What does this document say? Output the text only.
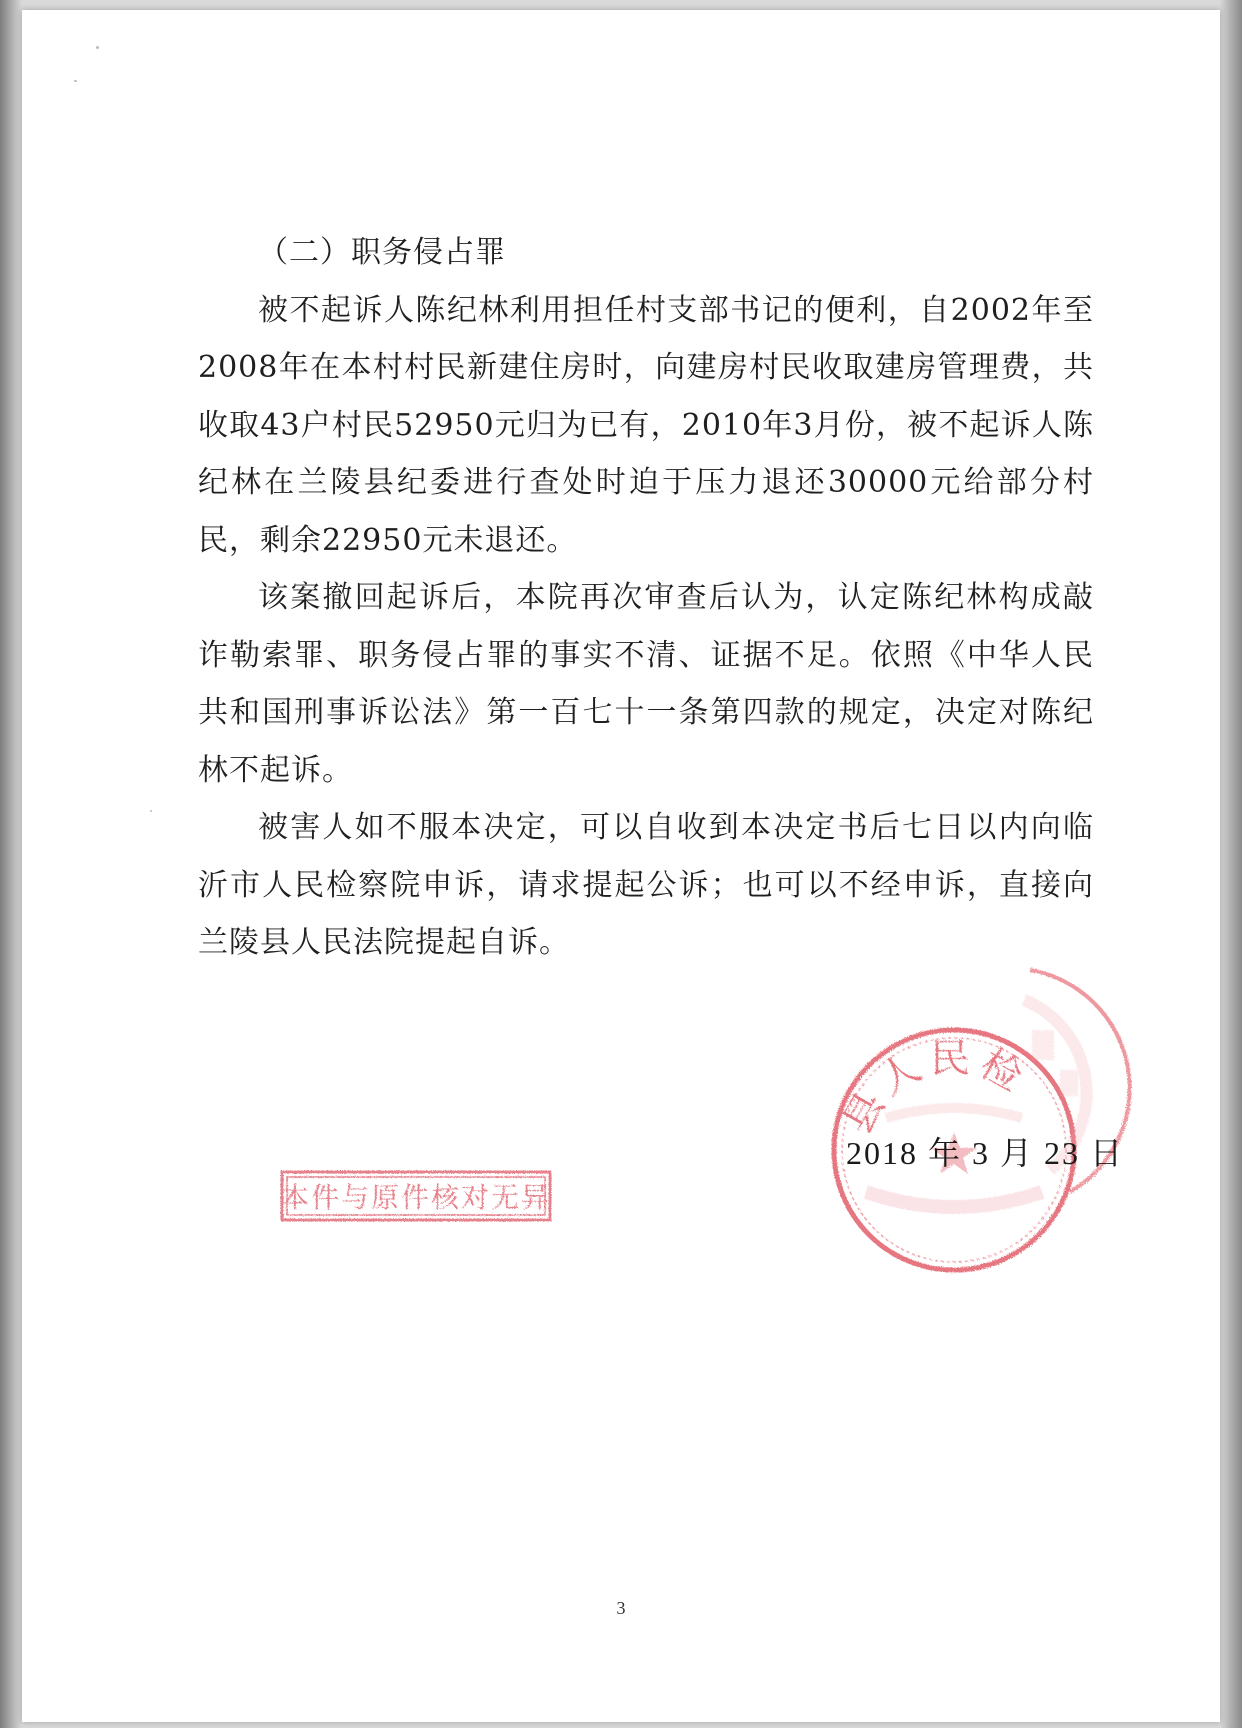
（二）职务侵占罪

被不起诉人陈纪林利用担任村支部书记的便利，自2002年至2008年在本村村民新建住房时，向建房村民收取建房管理费，共收取43户村民52950元归为已有，2010年3月份，被不起诉人陈纪林在兰陵县纪委进行查处时迫于压力退还30000元给部分村民，剩余22950元未退还。

该案撤回起诉后，本院再次审查后认为，认定陈纪林构成敲诈勒索罪、职务侵占罪的事实不清、证据不足。依照《中华人民共和国刑事诉讼法》第一百七十一条第四款的规定，决定对陈纪林不起诉。

被害人如不服本决定，可以自收到本决定书后七日以内向临沂市人民检察院申诉，请求提起公诉；也可以不经申诉，直接向兰陵县人民法院提起自诉。

县人民检
本件与原件核对无异
2018 年 3 月 23 日
3
